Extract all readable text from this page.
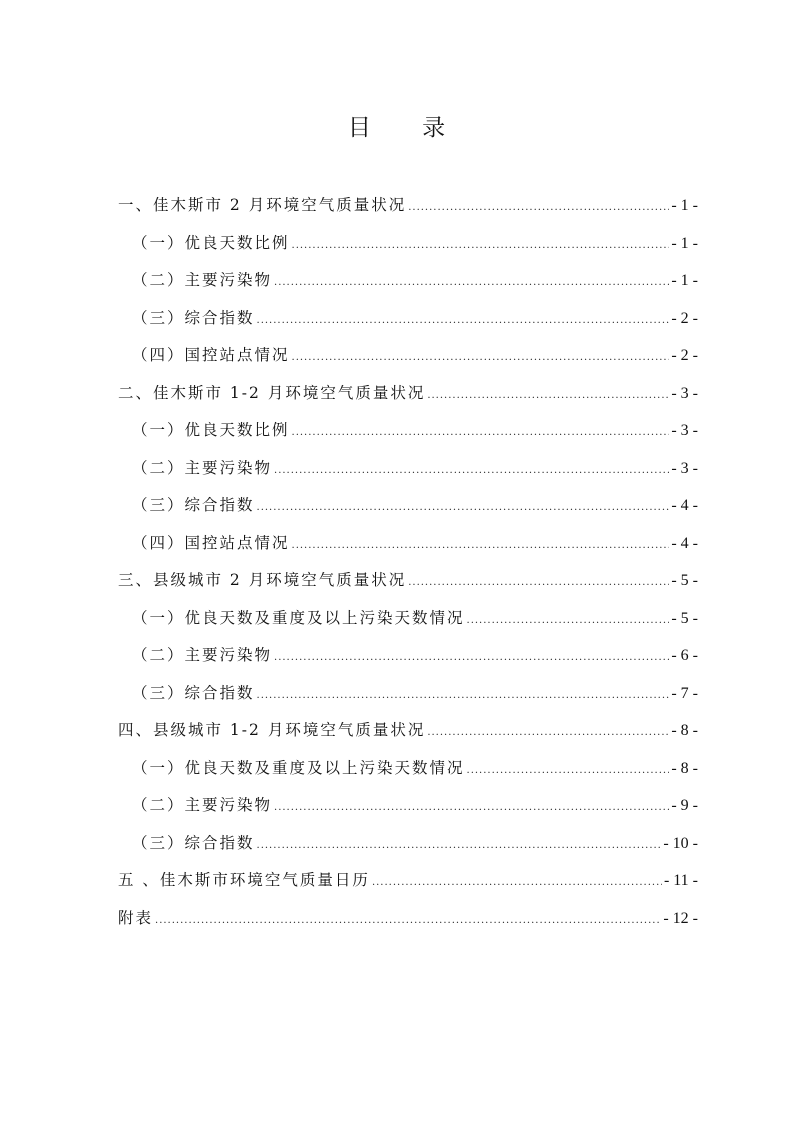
目 录
一、佳木斯市 2 月环境空气质量状况 .....	- 1 -
（一）优良天数比例 .....	- 1 -
（二）主要污染物 .....	- 1 -
（三）综合指数 .....	- 2 -
（四）国控站点情况 .....	- 2 -
二、佳木斯市 1-2 月环境空气质量状况 .....	- 3 -
（一）优良天数比例 .....	- 3 -
（二）主要污染物 .....	- 3 -
（三）综合指数 .....	- 4 -
（四）国控站点情况 .....	- 4 -
三、县级城市 2 月环境空气质量状况 .....	- 5 -
（一）优良天数及重度及以上污染天数情况 .....	- 5 -
（二）主要污染物 .....	- 6 -
（三）综合指数 .....	- 7 -
四、县级城市 1-2 月环境空气质量状况 .....	- 8 -
（一）优良天数及重度及以上污染天数情况 .....	- 8 -
（二）主要污染物 .....	- 9 -
（三）综合指数 .....	- 10 -
五 、佳木斯市环境空气质量日历 .....	- 11 -
附表 .....	- 12 -
